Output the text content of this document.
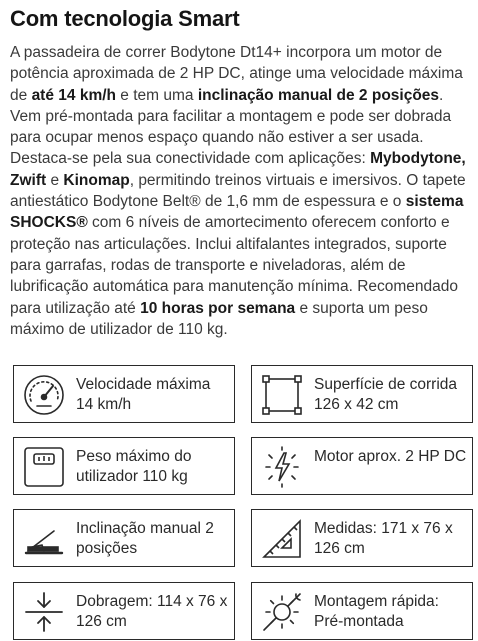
Com tecnologia Smart

A passadeira de correr Bodytone Dt14+ incorpora um motor de potência aproximada de 2 HP DC, atinge uma velocidade máxima de até 14 km/h e tem uma inclinação manual de 2 posições. Vem pré-montada para facilitar a montagem e pode ser dobrada para ocupar menos espaço quando não estiver a ser usada. Destaca-se pela sua conectividade com aplicações: Mybodytone, Zwift e Kinomap, permitindo treinos virtuais e imersivos. O tapete antiestático Bodytone Belt® de 1,6 mm de espessura e o sistema SHOCKS® com 6 níveis de amortecimento oferecem conforto e proteção nas articulações. Inclui altifalantes integrados, suporte para garrafas, rodas de transporte e niveladoras, além de lubrificação automática para manutenção mínima. Recomendado para utilização até 10 horas por semana e suporta um peso máximo de utilizador de 110 kg.

Velocidade máxima 14 km/h
Superfície de corrida 126 x 42 cm
Peso máximo do utilizador 110 kg
Motor aprox. 2 HP DC
Inclinação manual 2 posições
Medidas: 171 x 76 x 126 cm
Dobragem: 114 x 76 x 126 cm
Montagem rápida: Pré-montada
